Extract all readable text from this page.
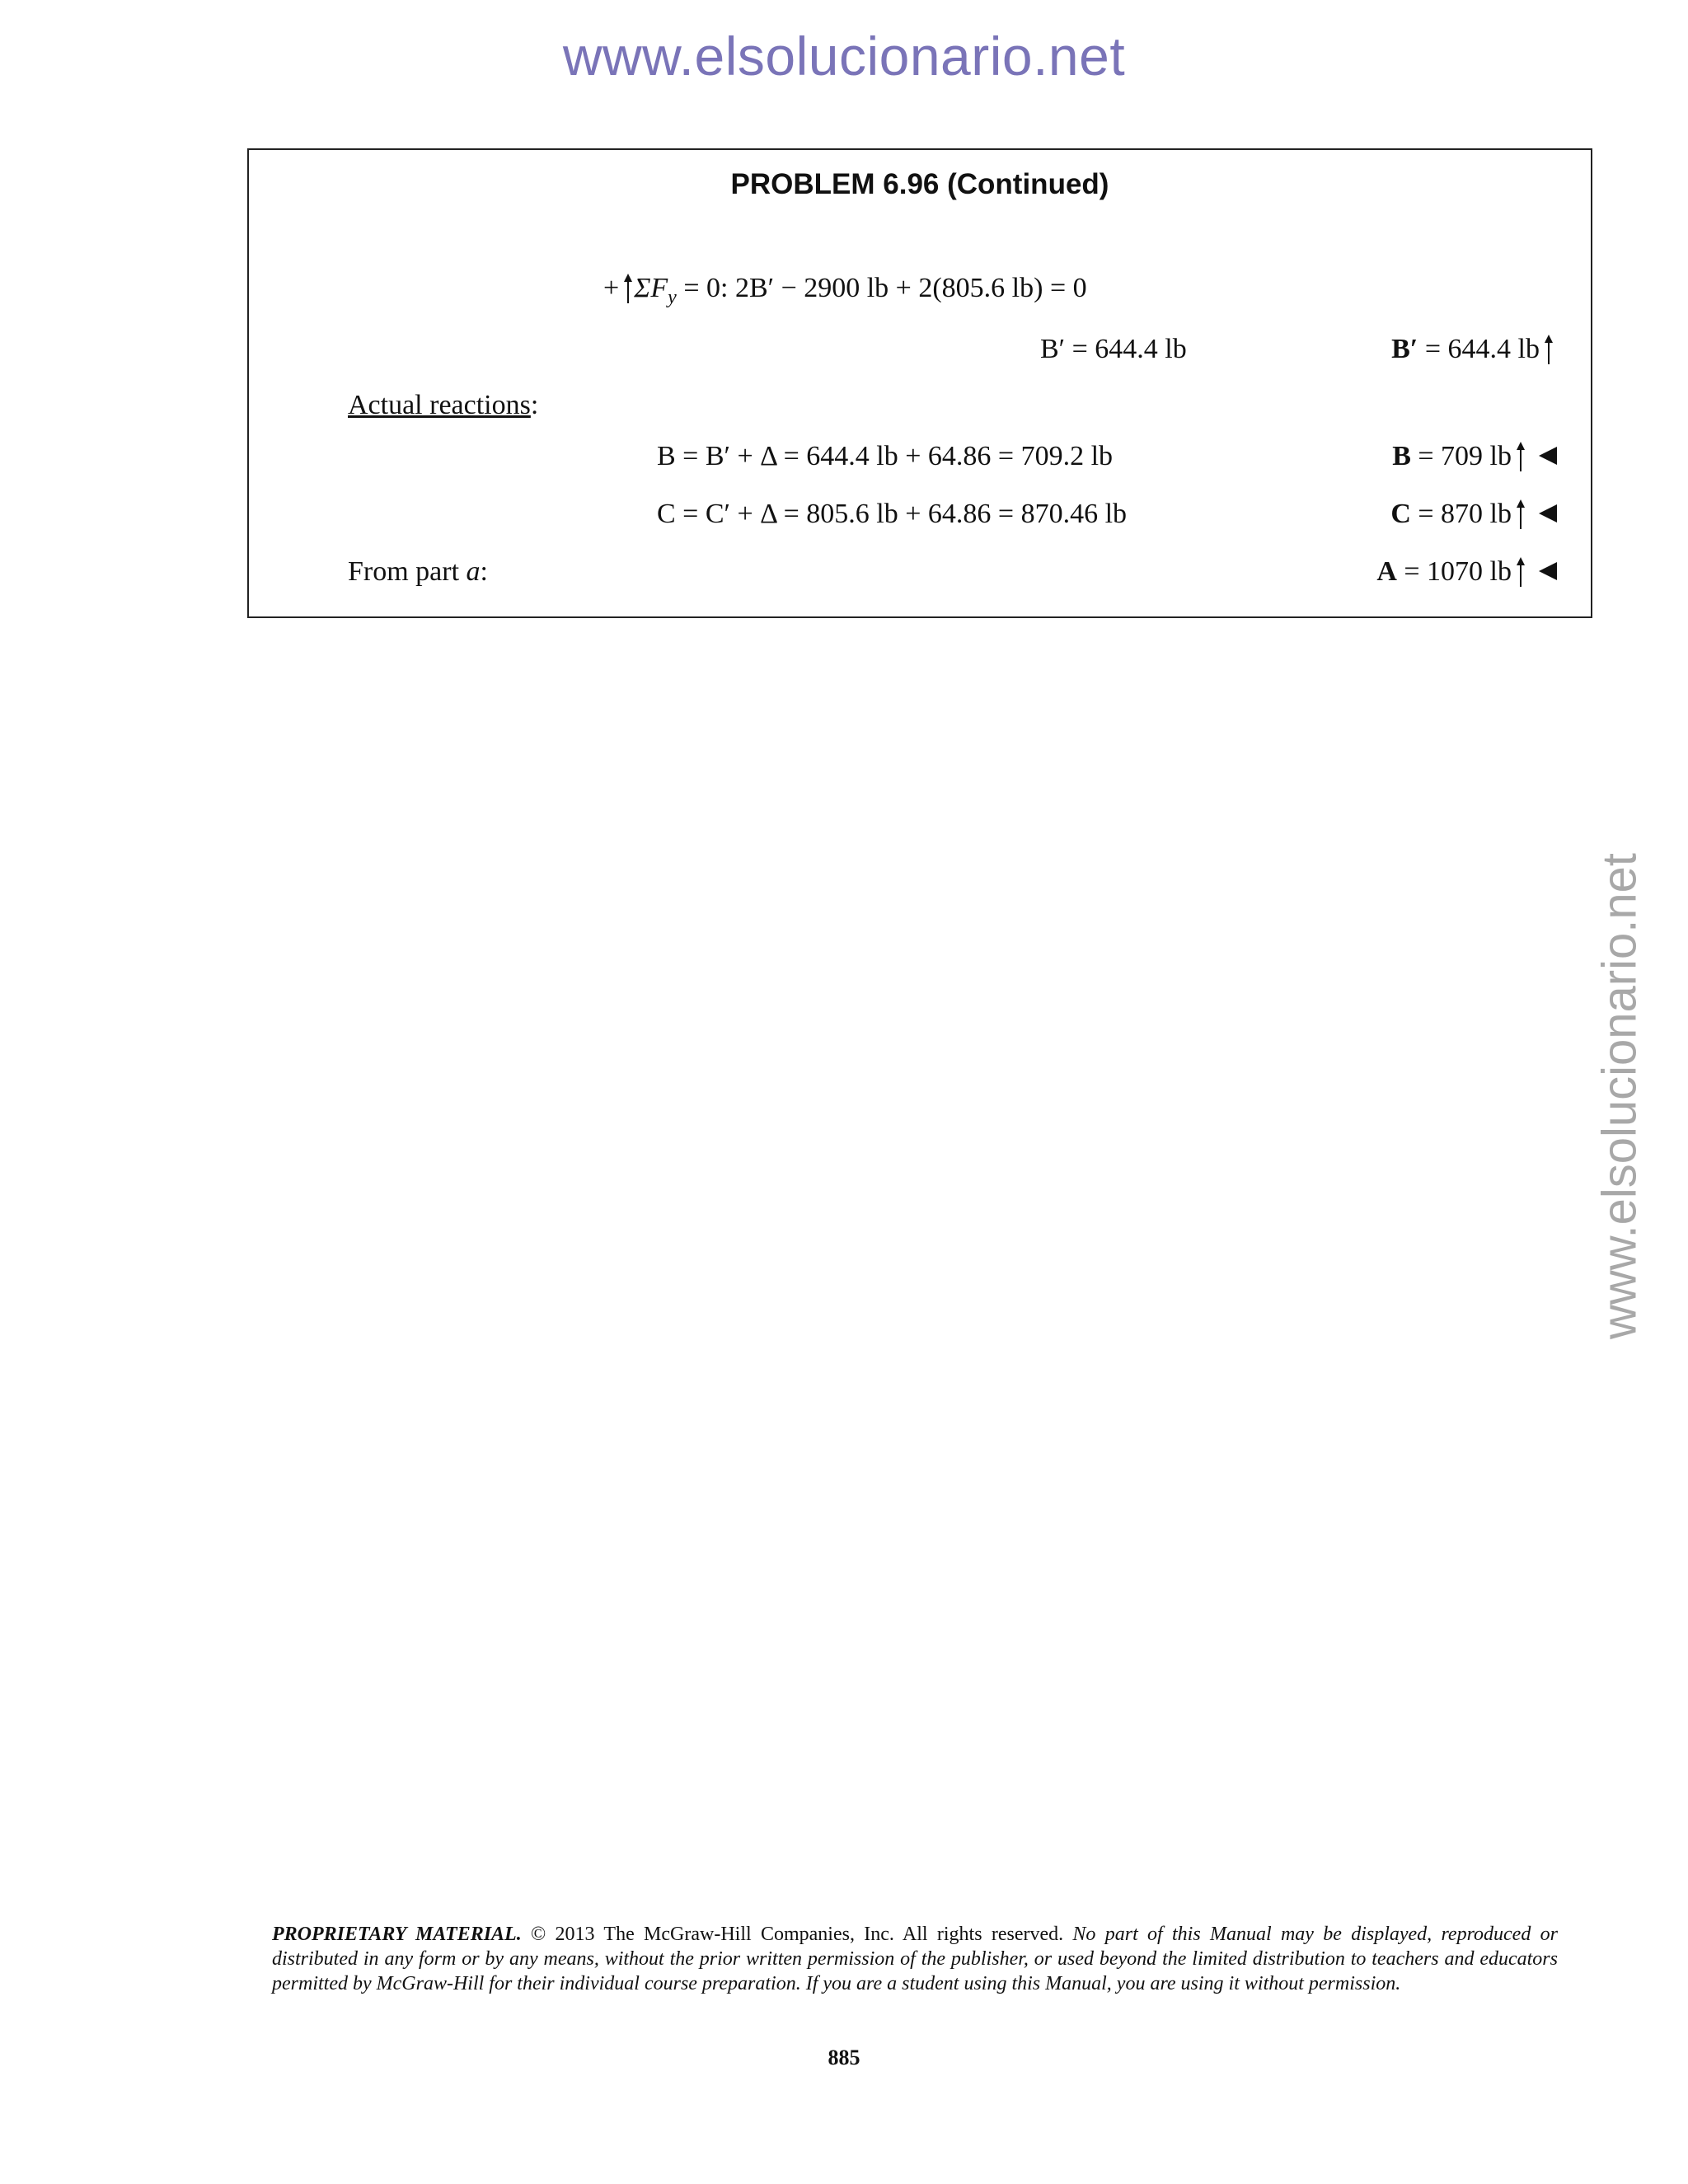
www.elsolucionario.net
www.elsolucionario.net
PROBLEM 6.96 (Continued)
+ $\Sigma F_y = 0$: 2B′ − 2900 lb + 2(805.6 lb) = 0
B′ = 644.4 lb	B′ = 644.4 lb
Actual reactions:
B = B′ + Δ = 644.4 lb + 64.86 = 709.2 lb	B = 709 lb
C = C′ + Δ = 805.6 lb + 64.86 = 870.46 lb	C = 870 lb
From part a:	A = 1070 lb
PROPRIETARY MATERIAL. © 2013 The McGraw-Hill Companies, Inc. All rights reserved. No part of this Manual may be displayed, reproduced or distributed in any form or by any means, without the prior written permission of the publisher, or used beyond the limited distribution to teachers and educators permitted by McGraw-Hill for their individual course preparation. If you are a student using this Manual, you are using it without permission.
885
